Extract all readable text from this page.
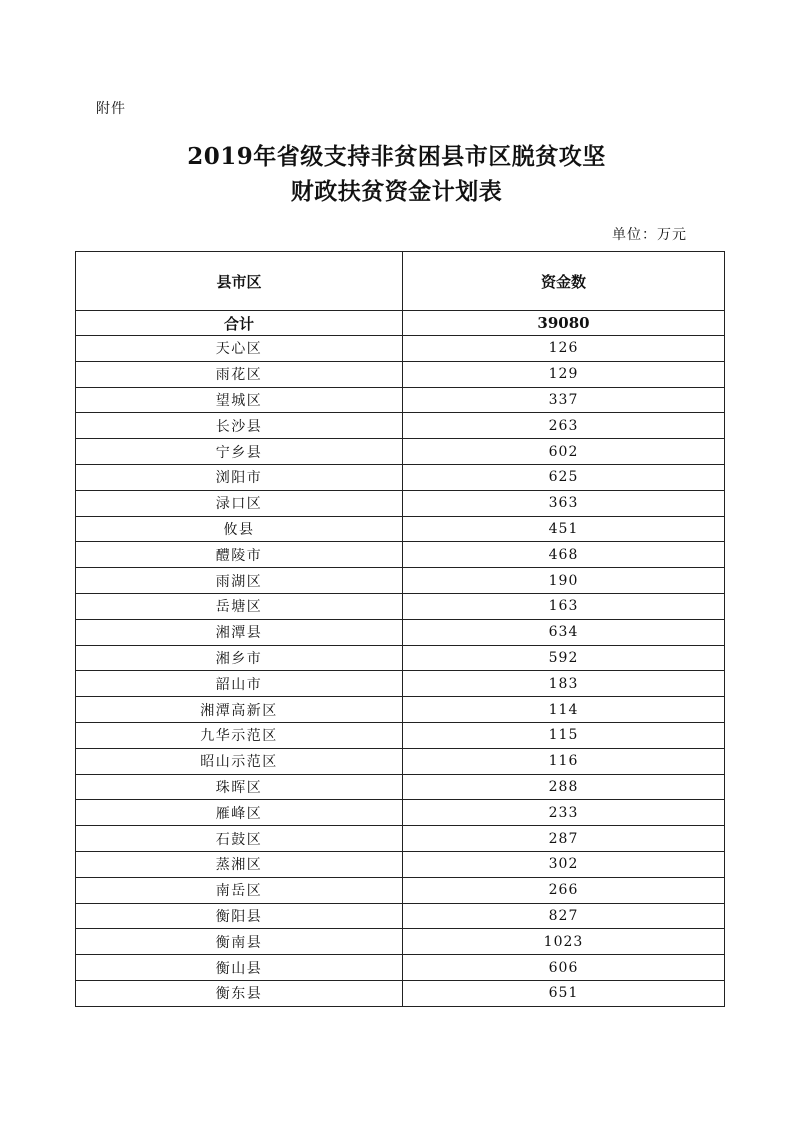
附件
2019年省级支持非贫困县市区脱贫攻坚
财政扶贫资金计划表
单位：万元
县市区	资金数
合计	39080
天心区	126
雨花区	129
望城区	337
长沙县	263
宁乡县	602
浏阳市	625
渌口区	363
攸县	451
醴陵市	468
雨湖区	190
岳塘区	163
湘潭县	634
湘乡市	592
韶山市	183
湘潭高新区	114
九华示范区	115
昭山示范区	116
珠晖区	288
雁峰区	233
石鼓区	287
蒸湘区	302
南岳区	266
衡阳县	827
衡南县	1023
衡山县	606
衡东县	651
